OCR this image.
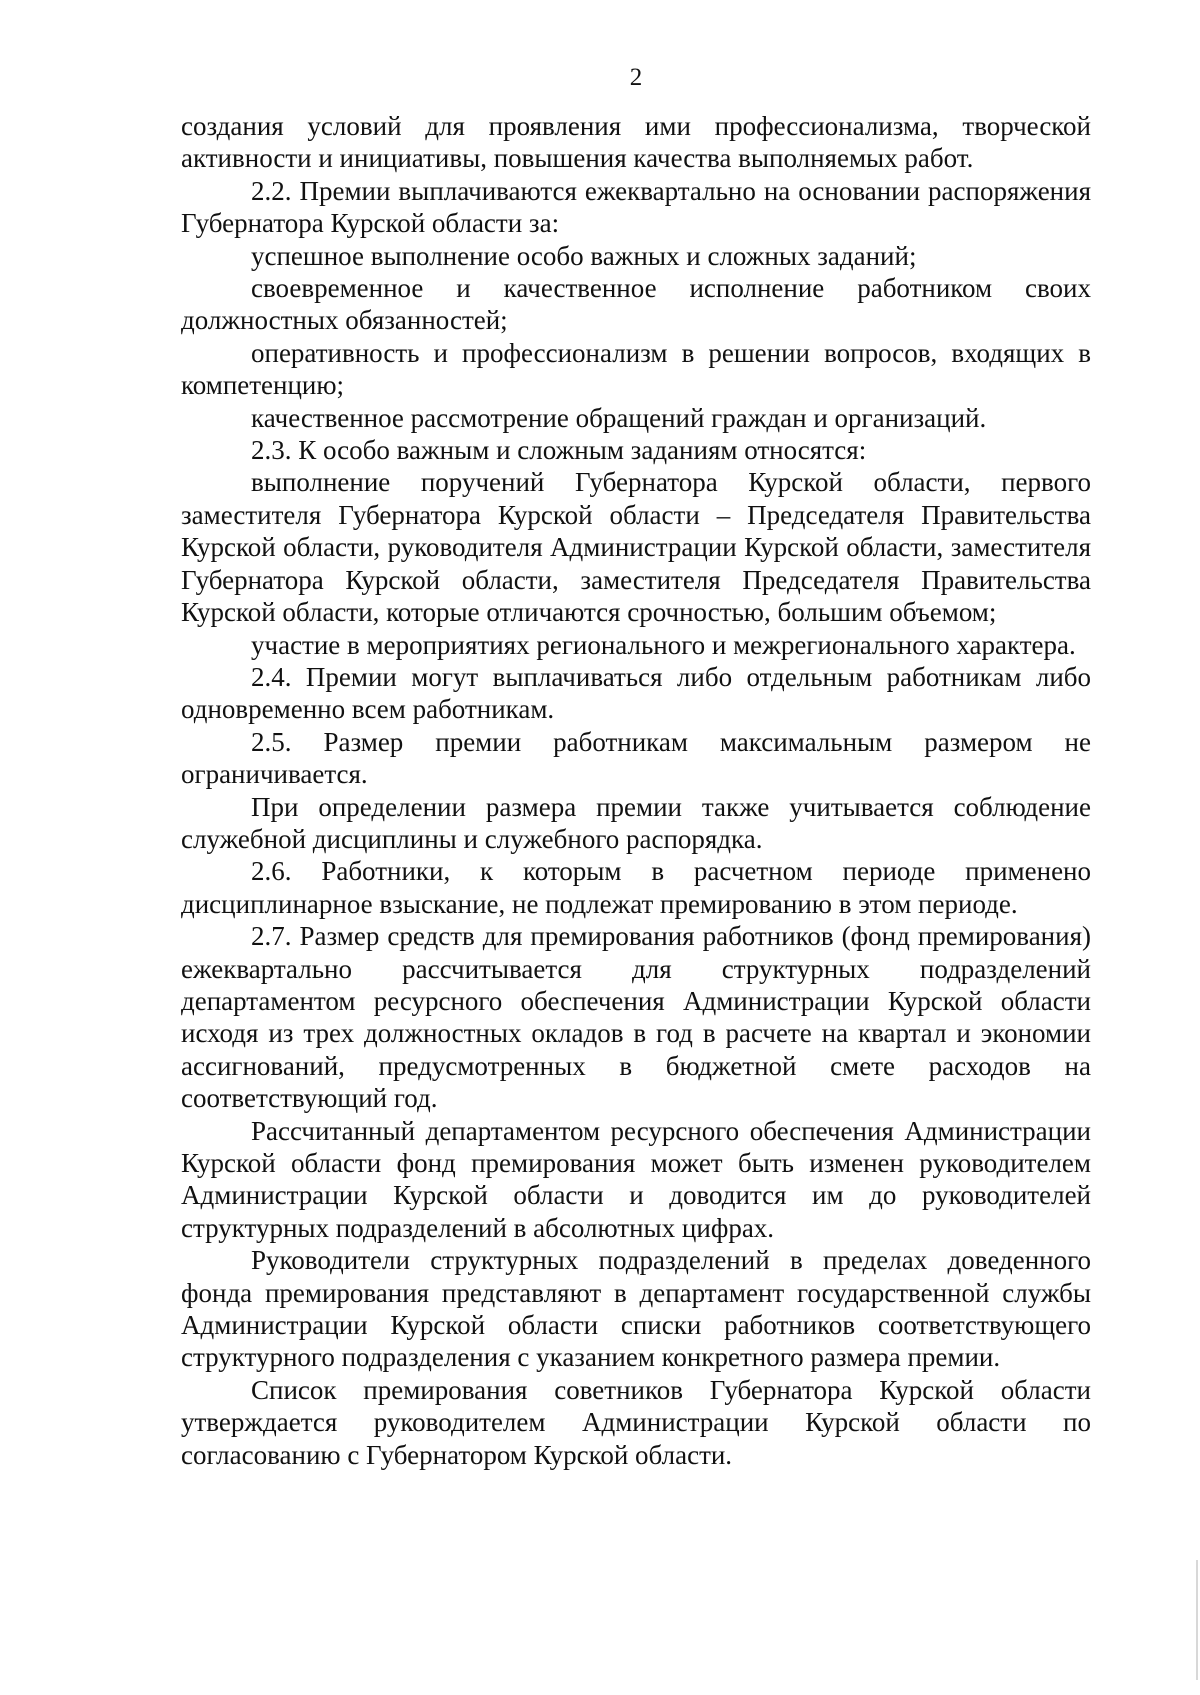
2

создания условий для проявления ими профессионализма, творческой активности и инициативы, повышения качества выполняемых работ.

2.2. Премии выплачиваются ежеквартально на основании распоряжения Губернатора Курской области за:

успешное выполнение особо важных и сложных заданий;

своевременное и качественное исполнение работником своих должностных обязанностей;

оперативность и профессионализм в решении вопросов, входящих в компетенцию;

качественное рассмотрение обращений граждан и организаций.

2.3. К особо важным и сложным заданиям относятся:

выполнение поручений Губернатора Курской области, первого заместителя Губернатора Курской области – Председателя Правительства Курской области, руководителя Администрации Курской области, заместителя Губернатора Курской области, заместителя Председателя Правительства Курской области, которые отличаются срочностью, большим объемом;

участие в мероприятиях регионального и межрегионального характера.

2.4. Премии могут выплачиваться либо отдельным работникам либо одновременно всем работникам.

2.5. Размер премии работникам максимальным размером не ограничивается.

При определении размера премии также учитывается соблюдение служебной дисциплины и служебного распорядка.

2.6. Работники, к которым в расчетном периоде применено дисциплинарное взыскание, не подлежат премированию в этом периоде.

2.7. Размер средств для премирования работников (фонд премирования) ежеквартально рассчитывается для структурных подразделений департаментом ресурсного обеспечения Администрации Курской области исходя из трех должностных окладов в год в расчете на квартал и экономии ассигнований, предусмотренных в бюджетной смете расходов на соответствующий год.

Рассчитанный департаментом ресурсного обеспечения Администрации Курской области фонд премирования может быть изменен руководителем Администрации Курской области и доводится им до руководителей структурных подразделений в абсолютных цифрах.

Руководители структурных подразделений в пределах доведенного фонда премирования представляют в департамент государственной службы Администрации Курской области списки работников соответствующего структурного подразделения с указанием конкретного размера премии.

Список премирования советников Губернатора Курской области утверждается руководителем Администрации Курской области по согласованию с Губернатором Курской области.
